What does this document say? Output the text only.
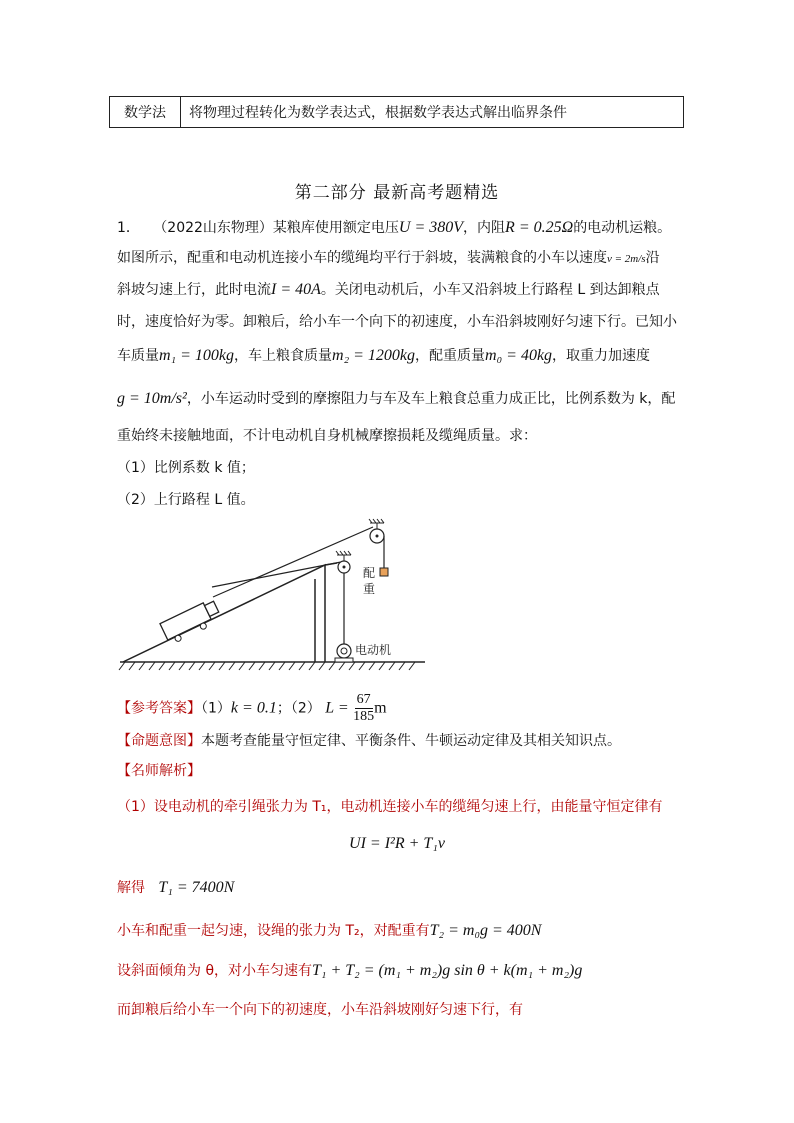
数学法	将物理过程转化为数学表达式，根据数学表达式解出临界条件
第二部分 最新高考题精选
1． （2022山东物理）某粮库使用额定电压U = 380V，内阻R = 0.25Ω的电动机运粮。
如图所示，配重和电动机连接小车的缆绳均平行于斜坡，装满粮食的小车以速度v = 2m/s沿
斜坡匀速上行，此时电流I = 40A。关闭电动机后，小车又沿斜坡上行路程 L 到达卸粮点
时，速度恰好为零。卸粮后，给小车一个向下的初速度，小车沿斜坡刚好匀速下行。已知小
车质量m₁ = 100kg，车上粮食质量m₂ = 1200kg，配重质量m₀ = 40kg，取重力加速度
g = 10m/s²，小车运动时受到的摩擦阻力与车及车上粮食总重力成正比，比例系数为 k，配
重始终未接触地面，不计电动机自身机械摩擦损耗及缆绳质量。求：
（1）比例系数 k 值；
（2）上行路程 L 值。
配
重
电动机
【参考答案】（1）k = 0.1；（2） $L = \frac{67}{185}$ m
【命题意图】本题考查能量守恒定律、平衡条件、牛顿运动定律及其相关知识点。
【名师解析】
（1）设电动机的牵引绳张力为 T₁，电动机连接小车的缆绳匀速上行，由能量守恒定律有
UI = I²R + T₁v
解得 T₁ = 7400N
小车和配重一起匀速，设绳的张力为 T₂，对配重有T₂ = m₀g = 400N
设斜面倾角为 θ，对小车匀速有T₁ + T₂ = (m₁ + m₂)g sin θ + k(m₁ + m₂)g
而卸粮后给小车一个向下的初速度，小车沿斜坡刚好匀速下行，有
